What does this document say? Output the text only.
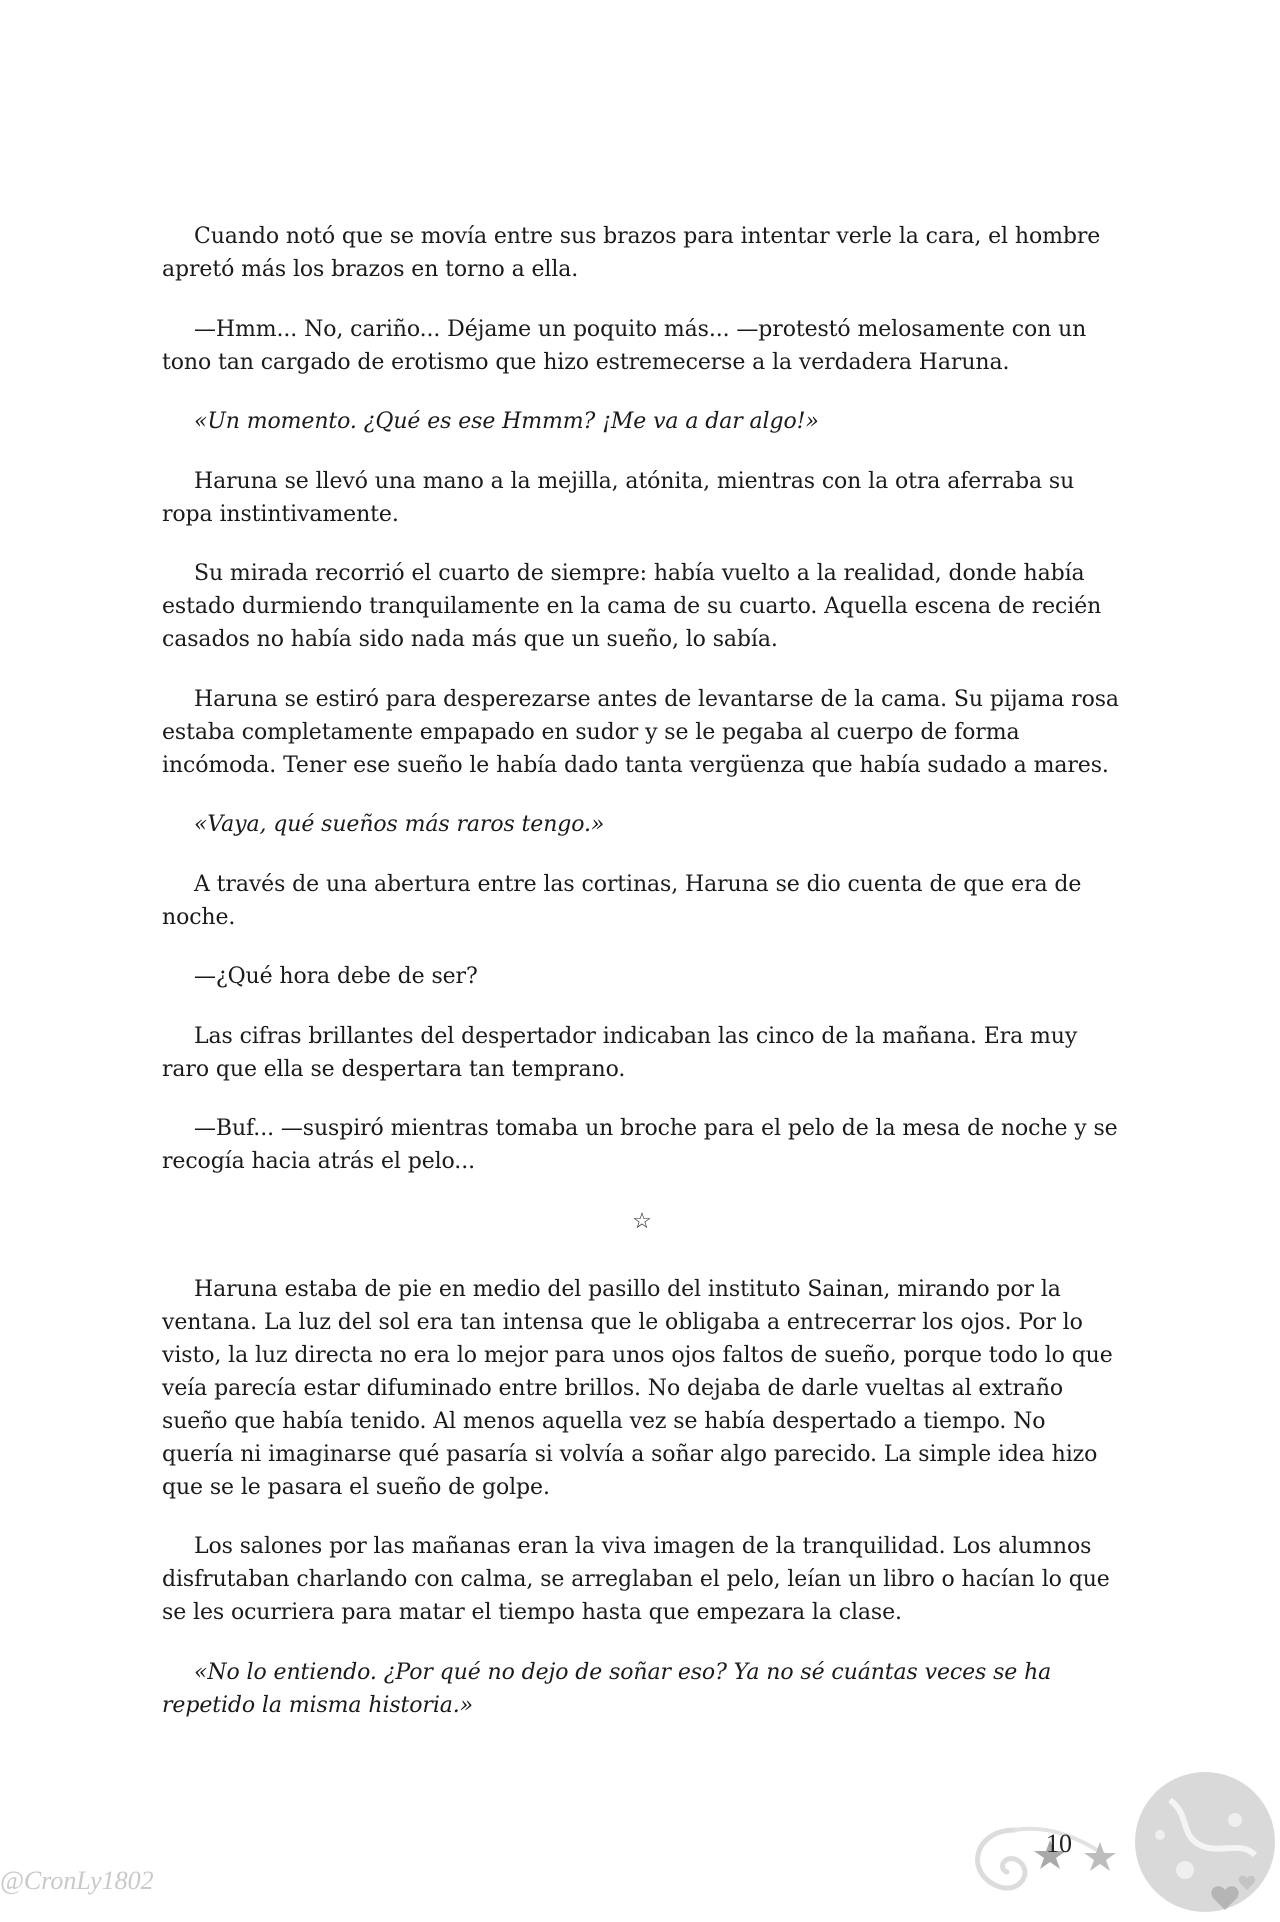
Cuando notó que se movía entre sus brazos para intentar verle la cara, el hombre apretó más los brazos en torno a ella.

—Hmm... No, cariño... Déjame un poquito más... —protestó melosamente con un tono tan cargado de erotismo que hizo estremecerse a la verdadera Haruna.

«Un momento. ¿Qué es ese Hmmm? ¡Me va a dar algo!»

Haruna se llevó una mano a la mejilla, atónita, mientras con la otra aferraba su ropa instintivamente.

Su mirada recorrió el cuarto de siempre: había vuelto a la realidad, donde había estado durmiendo tranquilamente en la cama de su cuarto. Aquella escena de recién casados no había sido nada más que un sueño, lo sabía.

Haruna se estiró para desperezarse antes de levantarse de la cama. Su pijama rosa estaba completamente empapado en sudor y se le pegaba al cuerpo de forma incómoda. Tener ese sueño le había dado tanta vergüenza que había sudado a mares.

«Vaya, qué sueños más raros tengo.»

A través de una abertura entre las cortinas, Haruna se dio cuenta de que era de noche.

—¿Qué hora debe de ser?

Las cifras brillantes del despertador indicaban las cinco de la mañana. Era muy raro que ella se despertara tan temprano.

—Buf... —suspiró mientras tomaba un broche para el pelo de la mesa de noche y se recogía hacia atrás el pelo...

☆

Haruna estaba de pie en medio del pasillo del instituto Sainan, mirando por la ventana. La luz del sol era tan intensa que le obligaba a entrecerrar los ojos. Por lo visto, la luz directa no era lo mejor para unos ojos faltos de sueño, porque todo lo que veía parecía estar difuminado entre brillos. No dejaba de darle vueltas al extraño sueño que había tenido. Al menos aquella vez se había despertado a tiempo. No quería ni imaginarse qué pasaría si volvía a soñar algo parecido. La simple idea hizo que se le pasara el sueño de golpe.

Los salones por las mañanas eran la viva imagen de la tranquilidad. Los alumnos disfrutaban charlando con calma, se arreglaban el pelo, leían un libro o hacían lo que se les ocurriera para matar el tiempo hasta que empezara la clase.

«No lo entiendo. ¿Por qué no dejo de soñar eso? Ya no sé cuántas veces se ha repetido la misma historia.»

10
@CronLy1802
